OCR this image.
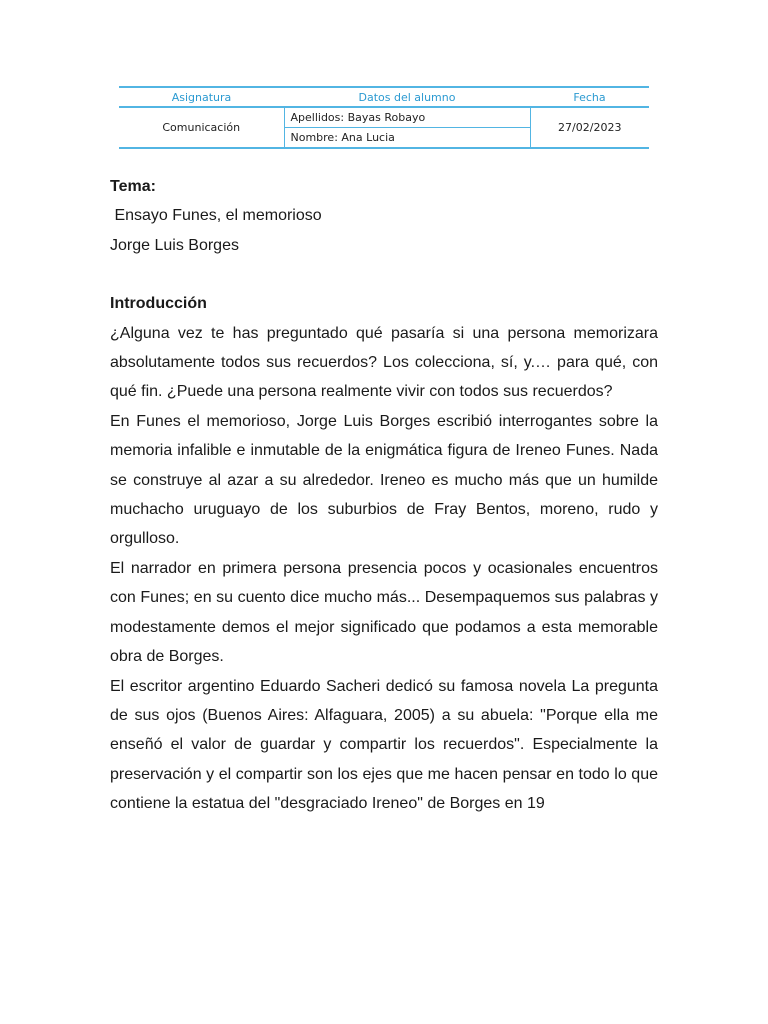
Asignatura	Datos del alumno	Fecha
Comunicación	Apellidos: Bayas Robayo	27/02/2023
	Nombre: Ana Lucia	

Tema:

Ensayo Funes, el memorioso

Jorge Luis Borges

Introducción

¿Alguna vez te has preguntado qué pasaría si una persona memorizara absolutamente todos sus recuerdos? Los colecciona, sí, y.… para qué, con qué fin. ¿Puede una persona realmente vivir con todos sus recuerdos?

En Funes el memorioso, Jorge Luis Borges escribió interrogantes sobre la memoria infalible e inmutable de la enigmática figura de Ireneo Funes. Nada se construye al azar a su alrededor. Ireneo es mucho más que un humilde muchacho uruguayo de los suburbios de Fray Bentos, moreno, rudo y orgulloso.

El narrador en primera persona presencia pocos y ocasionales encuentros con Funes; en su cuento dice mucho más... Desempaquemos sus palabras y modestamente demos el mejor significado que podamos a esta memorable obra de Borges.

El escritor argentino Eduardo Sacheri dedicó su famosa novela La pregunta de sus ojos (Buenos Aires: Alfaguara, 2005) a su abuela: "Porque ella me enseñó el valor de guardar y compartir los recuerdos". Especialmente la preservación y el compartir son los ejes que me hacen pensar en todo lo que contiene la estatua del "desgraciado Ireneo" de Borges en 19
